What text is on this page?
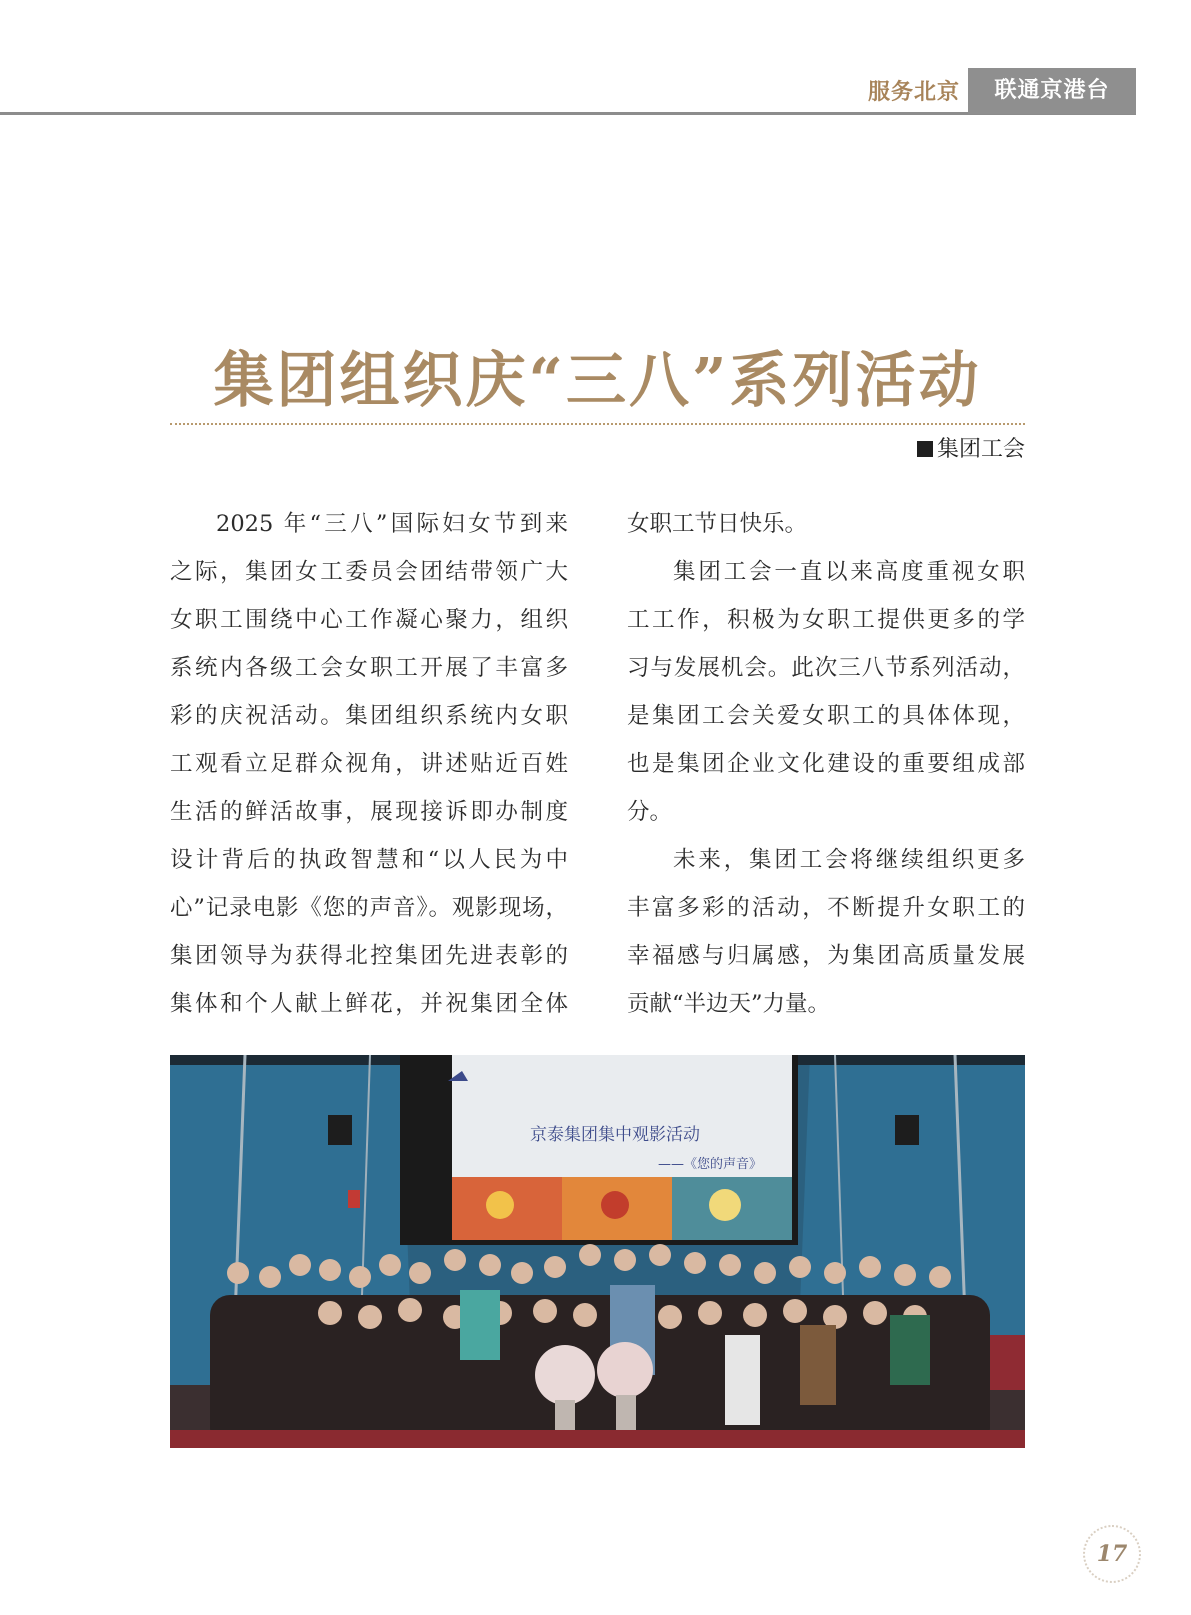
服务北京	联通京港台
集团组织庆“三八”系列活动
集团工会
2025 年“三八”国际妇女节到来
之际，集团女工委员会团结带领广大
女职工围绕中心工作凝心聚力，组织
系统内各级工会女职工开展了丰富多
彩的庆祝活动。集团组织系统内女职
工观看立足群众视角，讲述贴近百姓
生活的鲜活故事，展现接诉即办制度
设计背后的执政智慧和“以人民为中
心”记录电影《您的声音》。观影现场，
集团领导为获得北控集团先进表彰的
集体和个人献上鲜花，并祝集团全体
女职工节日快乐。
集团工会一直以来高度重视女职
工工作，积极为女职工提供更多的学
习与发展机会。此次三八节系列活动，
是集团工会关爱女职工的具体体现，
也是集团企业文化建设的重要组成部
分。
未来，集团工会将继续组织更多
丰富多彩的活动，不断提升女职工的
幸福感与归属感，为集团高质量发展
贡献“半边天”力量。
京泰集团集中观影活动
——《您的声音》
17
